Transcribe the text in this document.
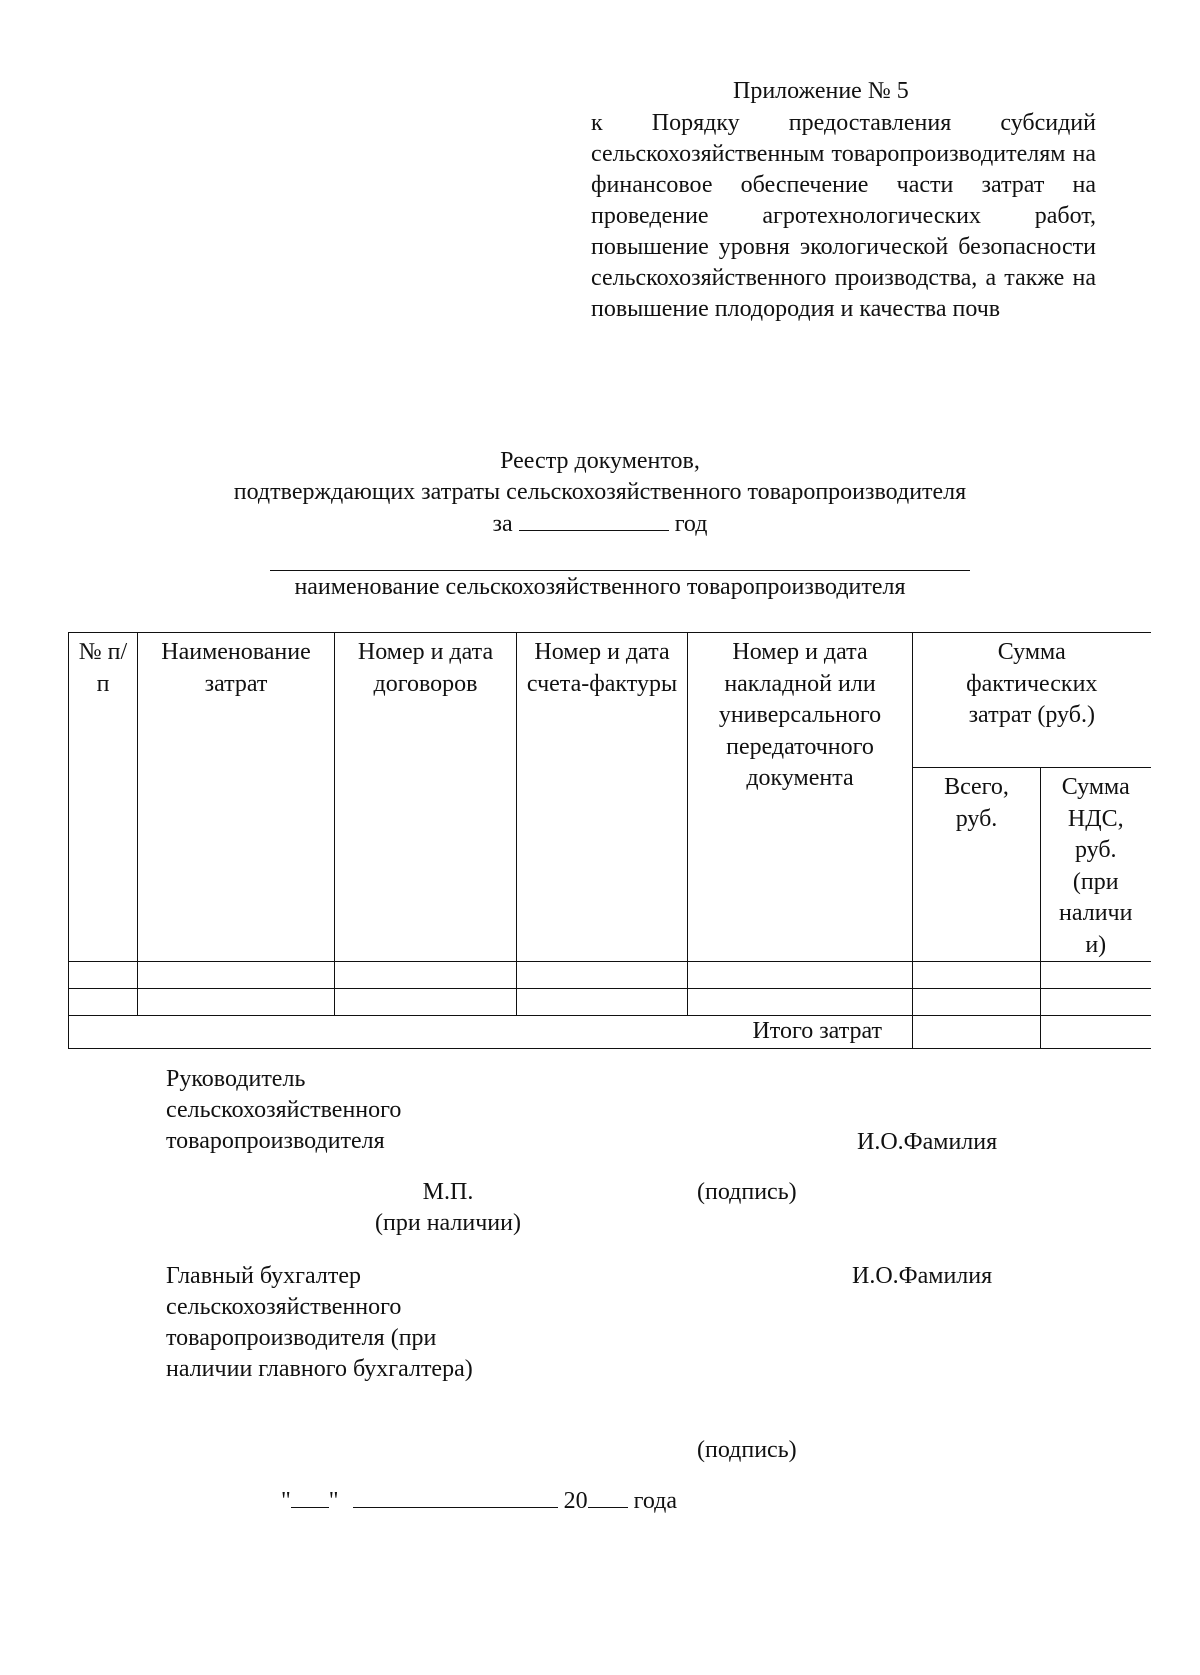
Приложение № 5
к Порядку предоставления субсидий сельскохозяйственным товаропроизводителям на финансовое обеспечение части затрат на проведение агротехнологических работ, повышение уровня экологической безопасности сельскохозяйственного производства, а также на повышение плодородия и качества почв
Реестр документов,
подтверждающих затраты сельскохозяйственного товаропроизводителя
за	год
наименование сельскохозяйственного товаропроизводителя
№ п/п	Наименование затрат	Номер и дата договоров	Номер и дата счета-фактуры	Номер и дата накладной или универсального передаточного документа	Сумма фактических затрат (руб.)	
					Всего, руб.	Сумма НДС, руб. (при наличи и)

Итого затрат						
Руководитель сельскохозяйственного товаропроизводителя	И.О.Фамилия
М.П.
(при наличии)
(подпись)
Главный бухгалтер сельскохозяйственного товаропроизводителя (при наличии главного бухгалтера)
И.О.Фамилия
(подпись)
" "	20 года
